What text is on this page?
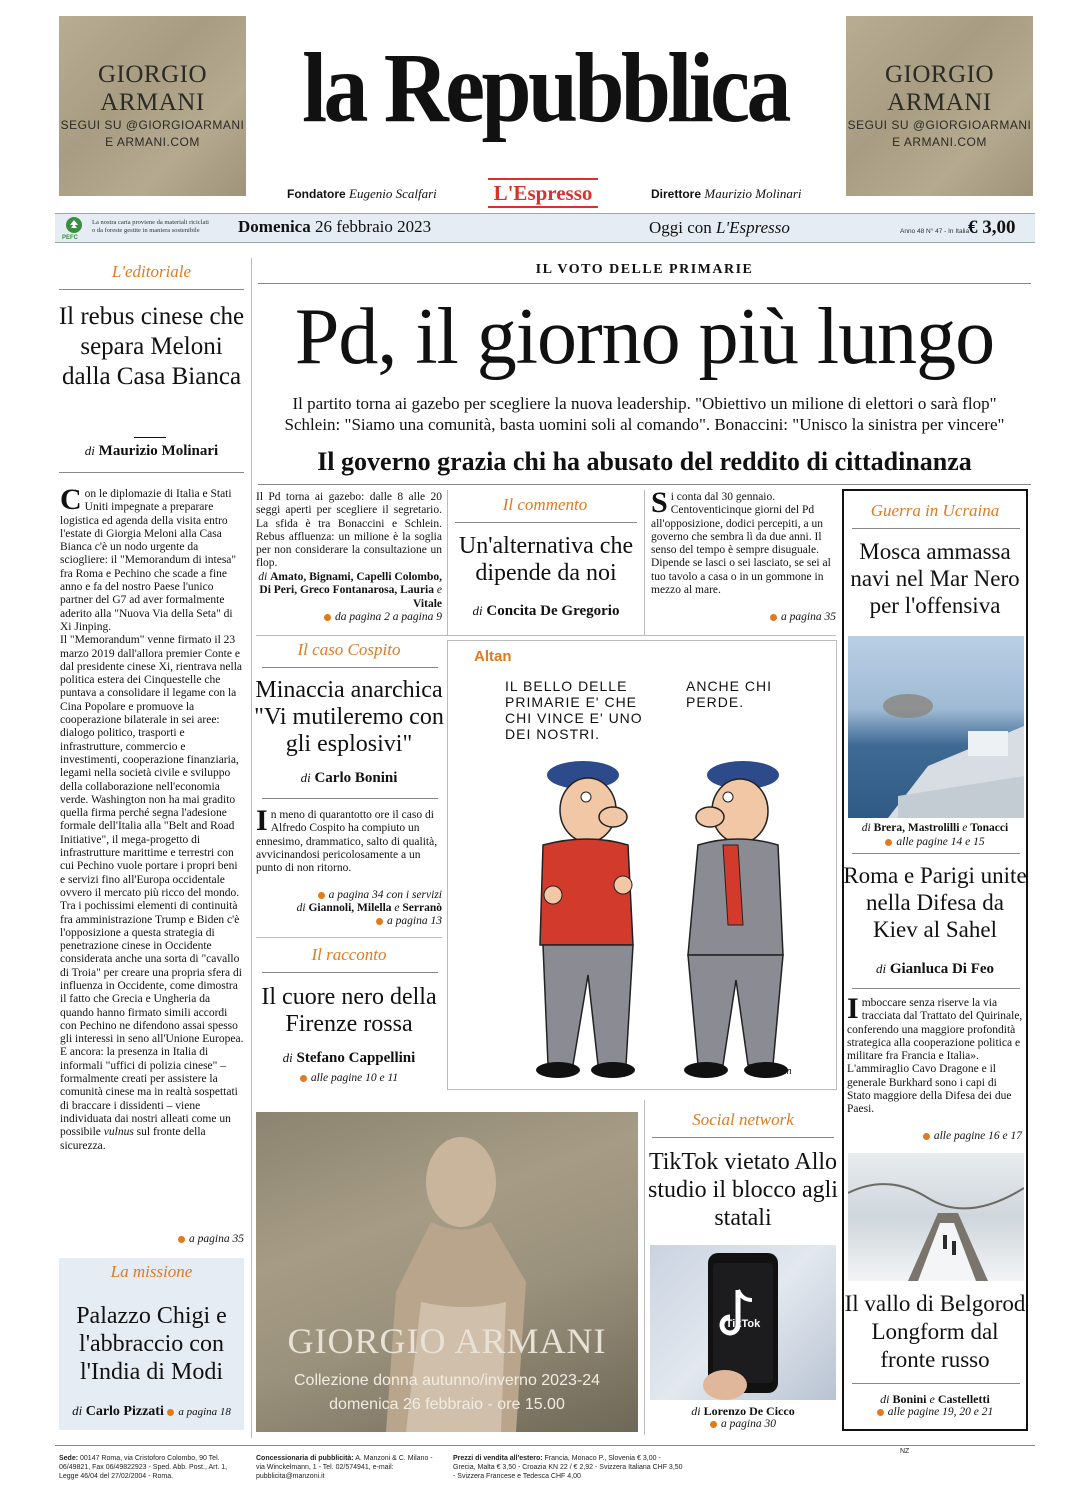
GIORGIO ARMANI
SEGUI SU @GIORGIOARMANI
E ARMANI.COM
GIORGIO ARMANI
SEGUI SU @GIORGIOARMANI
E ARMANI.COM
la Repubblica
Fondatore Eugenio Scalfari	L'Espresso	Direttore Maurizio Molinari
PEFC
La nostra carta proviene da materiali riciclati
o da foreste gestite in maniera sostenibile	Domenica 26 febbraio 2023	Oggi con L'Espresso	Anno 48 N° 47 - In Italia
€ 3,00
L'editoriale
Il rebus cinese che separa Meloni dalla Casa Bianca
di Maurizio Molinari
Con le diplomazie di Italia e Stati Uniti impegnate a preparare logistica ed agenda della visita entro l'estate di Giorgia Meloni alla Casa Bianca c'è un nodo urgente da sciogliere: il "Memorandum di intesa" fra Roma e Pechino che scade a fine anno e fa del nostro Paese l'unico partner del G7 ad aver formalmente aderito alla "Nuova Via della Seta" di Xi Jinping.
Il "Memorandum" venne firmato il 23 marzo 2019 dall'allora premier Conte e dal presidente cinese Xi, rientrava nella politica estera dei Cinquestelle che puntava a consolidare il legame con la Cina Popolare e promuove la cooperazione bilaterale in sei aree: dialogo politico, trasporti e infrastrutture, commercio e investimenti, cooperazione finanziaria, legami nella società civile e sviluppo della collaborazione nell'economia verde. Washington non ha mai gradito quella firma perché segna l'adesione formale dell'Italia alla "Belt and Road Initiative", il mega-progetto di infrastrutture marittime e terrestri con cui Pechino vuole portare i propri beni e servizi fino all'Europa occidentale ovvero il mercato più ricco del mondo. Tra i pochissimi elementi di continuità fra amministrazione Trump e Biden c'è l'opposizione a questa strategia di penetrazione cinese in Occidente considerata anche una sorta di "cavallo di Troia" per creare una propria sfera di influenza in Occidente, come dimostra il fatto che Grecia e Ungheria da quando hanno firmato simili accordi con Pechino ne difendono assai spesso gli interessi in seno all'Unione Europea. E ancora: la presenza in Italia di informali "uffici di polizia cinese" – formalmente creati per assistere la comunità cinese ma in realtà sospettati di braccare i dissidenti – viene individuata dai nostri alleati come un possibile vulnus sul fronte della sicurezza.
a pagina 35
La missione
Palazzo Chigi e l'abbraccio con l'India di Modi
di Carlo Pizzati a pagina 18
IL VOTO DELLE PRIMARIE
Pd, il giorno più lungo
Il partito torna ai gazebo per scegliere la nuova leadership. "Obiettivo un milione di elettori o sarà flop"
Schlein: "Siamo una comunità, basta uomini soli al comando". Bonaccini: "Unisco la sinistra per vincere"
Il governo grazia chi ha abusato del reddito di cittadinanza
Il Pd torna ai gazebo: dalle 8 alle 20 seggi aperti per scegliere il segretario. La sfida è tra Bonaccini e Schlein. Rebus affluenza: un milione è la soglia per non considerare la consultazione un flop.
di Amato, Bignami, Capelli Colombo, Di Peri, Greco Fontanarosa, Lauria e Vitale
da pagina 2 a pagina 9
Il commento
Un'alternativa che dipende da noi
di Concita De Gregorio
Si conta dal 30 gennaio. Centoventicinque giorni del Pd all'opposizione, dodici percepiti, a un governo che sembra lì da due anni. Il senso del tempo è sempre disuguale. Dipende se lasci o sei lasciato, se sei al tuo tavolo a casa o in un gommone in mezzo al mare.
a pagina 35
Il caso Cospito
Minaccia anarchica "Vi mutileremo con gli esplosivi"
di Carlo Bonini
In meno di quarantotto ore il caso di Alfredo Cospito ha compiuto un ennesimo, drammatico, salto di qualità, avvicinandosi pericolosamente a un punto di non ritorno.
a pagina 34 con i servizi
di Giannoli, Milella e Serranò
a pagina 13
Il racconto
Il cuore nero della Firenze rossa
di Stefano Cappellini
alle pagine 10 e 11
Altan
IL BELLO DELLE PRIMARIE E' CHE CHI VINCE E' UNO DEI NOSTRI.
ANCHE CHI PERDE.
Altan
GIORGIO ARMANI
Collezione donna autunno/inverno 2023-24
domenica 26 febbraio - ore 15.00
Social network
TikTok vietato Allo studio il blocco agli statali
TikTok
di Lorenzo De Cicco
a pagina 30
Guerra in Ucraina
Mosca ammassa navi nel Mar Nero per l'offensiva
di Brera, Mastrolilli e Tonacci
alle pagine 14 e 15
Roma e Parigi unite nella Difesa da Kiev al Sahel
di Gianluca Di Feo
Imboccare senza riserve la via tracciata dal Trattato del Quirinale, conferendo una maggiore profondità strategica alla cooperazione politica e militare fra Francia e Italia». L'ammiraglio Cavo Dragone e il generale Burkhard sono i capi di Stato maggiore della Difesa dei due Paesi.
alle pagine 16 e 17
Il vallo di Belgorod Longform dal fronte russo
di Bonini e Castelletti
alle pagine 19, 20 e 21
Sede: 00147 Roma, via Cristoforo Colombo, 90 Tel. 06/49821, Fax 06/49822923 - Sped. Abb. Post., Art. 1, Legge 46/04 del 27/02/2004 - Roma.
Concessionaria di pubblicità: A. Manzoni & C. Milano - via Winckelmann, 1 - Tel. 02/574941, e-mail: pubblicita@manzoni.it
Prezzi di vendita all'estero: Francia, Monaco P., Slovenia € 3,00 - Grecia, Malta € 3,50 - Croazia KN 22 / € 2,92 - Svizzera Italiana CHF 3,50 - Svizzera Francese e Tedesca CHF 4,00
NZ
